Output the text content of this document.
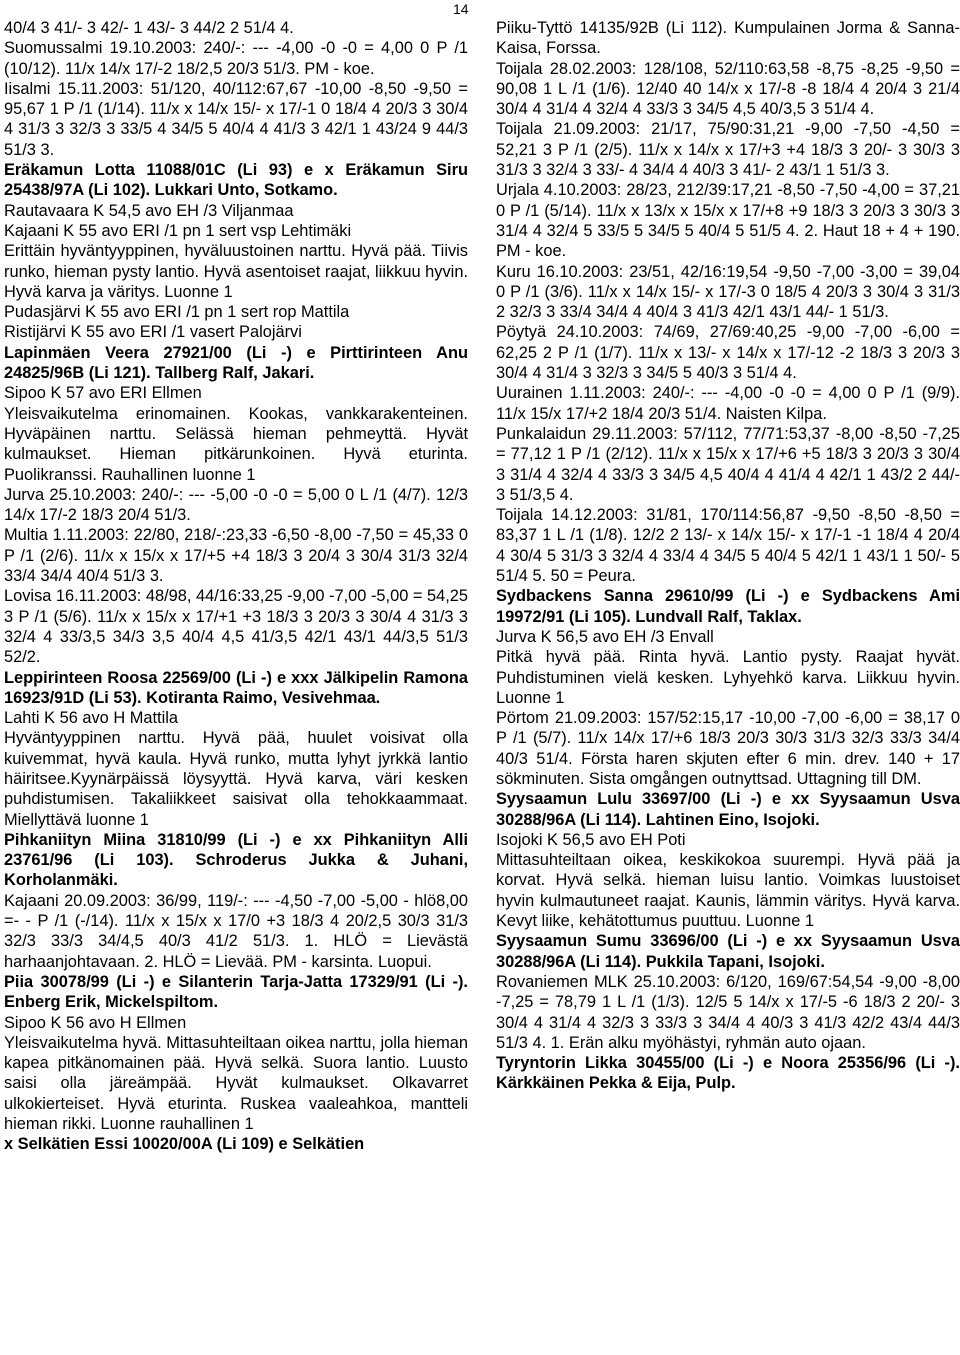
14

40/4 3 41/- 3 42/- 1 43/- 3 44/2 2 51/4 4.

Suomussalmi 19.10.2003: 240/-: --- -4,00 -0 -0 = 4,00 0 P /1 (10/12). 11/x 14/x 17/-2 18/2,5 20/3 51/3. PM - koe.

Iisalmi 15.11.2003: 51/120, 40/112:67,67 -10,00 -8,50 -9,50 = 95,67 1 P /1 (1/14). 11/x x 14/x 15/- x 17/-1 0 18/4 4 20/3 3 30/4 4 31/3 3 32/3 3 33/5 4 34/5 5 40/4 4 41/3 3 42/1 1 43/24 9 44/3 51/3 3.

Eräkamun Lotta 11088/01C (Li 93) e x Eräkamun Siru 25438/97A (Li 102). Lukkari Unto, Sotkamo.

Rautavaara K 54,5 avo EH /3 Viljanmaa

Kajaani K 55 avo ERI /1 pn 1 sert vsp Lehtimäki

Erittäin hyväntyyppinen, hyväluustoinen narttu. Hyvä pää. Tiivis runko, hieman pysty lantio. Hyvä asentoiset raajat, liikkuu hyvin. Hyvä karva ja väritys. Luonne 1

Pudasjärvi K 55 avo ERI /1 pn 1 sert rop Mattila

Ristijärvi K 55 avo ERI /1 vasert Palojärvi

Lapinmäen Veera 27921/00 (Li -) e Pirttirinteen Anu 24825/96B (Li 121). Tallberg Ralf, Jakari.

Sipoo K 57 avo ERI Ellmen

Yleisvaikutelma erinomainen. Kookas, vankkarakenteinen. Hyväpäinen narttu. Selässä hieman pehmeyttä. Hyvät kulmaukset. Hieman pitkärunkoinen. Hyvä eturinta. Puolikranssi. Rauhallinen luonne 1

Jurva 25.10.2003: 240/-: --- -5,00 -0 -0 = 5,00 0 L /1 (4/7). 12/3 14/x 17/-2 18/3 20/4 51/3.

Multia 1.11.2003: 22/80, 218/-:23,33 -6,50 -8,00 -7,50 = 45,33 0 P /1 (2/6). 11/x x 15/x x 17/+5 +4 18/3 3 20/4 3 30/4 31/3 32/4 33/4 34/4 40/4 51/3 3.

Lovisa 16.11.2003: 48/98, 44/16:33,25 -9,00 -7,00 -5,00 = 54,25 3 P /1 (5/6). 11/x x 15/x x 17/+1 +3 18/3 3 20/3 3 30/4 4 31/3 3 32/4 4 33/3,5 34/3 3,5 40/4 4,5 41/3,5 42/1 43/1 44/3,5 51/3 52/2.

Leppirinteen Roosa 22569/00 (Li -) e xxx Jälkipelin Ramona 16923/91D (Li 53). Kotiranta Raimo, Vesivehmaa.

Lahti K 56 avo H Mattila

Hyväntyyppinen narttu. Hyvä pää, huulet voisivat olla kuivemmat, hyvä kaula. Hyvä runko, mutta lyhyt jyrkkä lantio häiritsee.Kyynärpäissä löysyyttä. Hyvä karva, väri kesken puhdistumisen. Takaliikkeet saisivat olla tehokkaammaat. Miellyttävä luonne 1

Pihkaniityn Miina 31810/99 (Li -) e xx Pihkaniityn Alli 23761/96 (Li 103). Schroderus Jukka & Juhani, Korholanmäki.

Kajaani 20.09.2003: 36/99, 119/-: --- -4,50 -7,00 -5,00 - hlö8,00 =- - P /1 (-/14). 11/x x 15/x x 17/0 +3 18/3 4 20/2,5 30/3 31/3 32/3 33/3 34/4,5 40/3 41/2 51/3. 1. HLÖ = Lievästä harhaanjohtavaan. 2. HLÖ = Lievää. PM - karsinta. Luopui.

Piia 30078/99 (Li -) e Silanterin Tarja-Jatta 17329/91 (Li -). Enberg Erik, Mickelspiltom.

Sipoo K 56 avo H Ellmen

Yleisvaikutelma hyvä. Mittasuhteiltaan oikea narttu, jolla hieman kapea pitkänomainen pää. Hyvä selkä. Suora lantio. Luusto saisi olla järeämpää. Hyvät kulmaukset. Olkavarret ulkokierteiset. Hyvä eturinta. Ruskea vaaleahkoa, mantteli hieman rikki. Luonne rauhallinen 1

x Selkätien Essi 10020/00A (Li 109) e Selkätien

Piiku-Tyttö 14135/92B (Li 112). Kumpulainen Jorma & Sanna-Kaisa, Forssa.

Toijala 28.02.2003: 128/108, 52/110:63,58 -8,75 -8,25 -9,50 = 90,08 1 L /1 (1/6). 12/40 40 14/x x 17/-8 -8 18/4 4 20/4 3 21/4 30/4 4 31/4 4 32/4 4 33/3 3 34/5 4,5 40/3,5 3 51/4 4.

Toijala 21.09.2003: 21/17, 75/90:31,21 -9,00 -7,50 -4,50 = 52,21 3 P /1 (2/5). 11/x x 14/x x 17/+3 +4 18/3 3 20/- 3 30/3 3 31/3 3 32/4 3 33/- 4 34/4 4 40/3 3 41/- 2 43/1 1 51/3 3.

Urjala 4.10.2003: 28/23, 212/39:17,21 -8,50 -7,50 -4,00 = 37,21 0 P /1 (5/14). 11/x x 13/x x 15/x x 17/+8 +9 18/3 3 20/3 3 30/3 3 31/4 4 32/4 5 33/5 5 34/5 5 40/4 5 51/5 4. 2. Haut 18 + 4 + 190. PM - koe.

Kuru 16.10.2003: 23/51, 42/16:19,54 -9,50 -7,00 -3,00 = 39,04 0 P /1 (3/6). 11/x x 14/x 15/- x 17/-3 0 18/5 4 20/3 3 30/4 3 31/3 2 32/3 3 33/4 34/4 4 40/4 3 41/3 42/1 43/1 44/- 1 51/3.

Pöytyä 24.10.2003: 74/69, 27/69:40,25 -9,00 -7,00 -6,00 = 62,25 2 P /1 (1/7). 11/x x 13/- x 14/x x 17/-12 -2 18/3 3 20/3 3 30/4 4 31/4 3 32/3 3 34/5 5 40/3 3 51/4 4.

Uurainen 1.11.2003: 240/-: --- -4,00 -0 -0 = 4,00 0 P /1 (9/9). 11/x 15/x 17/+2 18/4 20/3 51/4. Naisten Kilpa.

Punkalaidun 29.11.2003: 57/112, 77/71:53,37 -8,00 -8,50 -7,25 = 77,12 1 P /1 (2/12). 11/x x 15/x x 17/+6 +5 18/3 3 20/3 3 30/4 3 31/4 4 32/4 4 33/3 3 34/5 4,5 40/4 4 41/4 4 42/1 1 43/2 2 44/- 3 51/3,5 4.

Toijala 14.12.2003: 31/81, 170/114:56,87 -9,50 -8,50 -8,50 = 83,37 1 L /1 (1/8). 12/2 2 13/- x 14/x 15/- x 17/-1 -1 18/4 4 20/4 4 30/4 5 31/3 3 32/4 4 33/4 4 34/5 5 40/4 5 42/1 1 43/1 1 50/- 5 51/4 5. 50 = Peura.

Sydbackens Sanna 29610/99 (Li -) e Sydbackens Ami 19972/91 (Li 105). Lundvall Ralf, Taklax.

Jurva K 56,5 avo EH /3 Envall

Pitkä hyvä pää. Rinta hyvä. Lantio pysty. Raajat hyvät. Puhdistuminen vielä kesken. Lyhyehkö karva. Liikkuu hyvin. Luonne 1

Pörtom 21.09.2003: 157/52:15,17 -10,00 -7,00 -6,00 = 38,17 0 P /1 (5/7). 11/x 14/x 17/+6 18/3 20/3 30/3 31/3 32/3 33/3 34/4 40/3 51/4. Första haren skjuten efter 6 min. drev. 140 + 17 sökminuten. Sista omgången outnyttsad. Uttagning till DM.

Syysaamun Lulu 33697/00 (Li -) e xx Syysaamun Usva 30288/96A (Li 114). Lahtinen Eino, Isojoki.

Isojoki K 56,5 avo EH Poti

Mittasuhteiltaan oikea, keskikokoa suurempi. Hyvä pää ja korvat. Hyvä selkä. hieman luisu lantio. Voimkas luustoiset hyvin kulmautuneet raajat. Kaunis, lämmin väritys. Hyvä karva. Kevyt liike, kehätottumus puuttuu. Luonne 1

Syysaamun Sumu 33696/00 (Li -) e xx Syysaamun Usva 30288/96A (Li 114). Pukkila Tapani, Isojoki.

Rovaniemen MLK 25.10.2003: 6/120, 169/67:54,54 -9,00 -8,00 -7,25 = 78,79 1 L /1 (1/3). 12/5 5 14/x x 17/-5 -6 18/3 2 20/- 3 30/4 4 31/4 4 32/3 3 33/3 3 34/4 4 40/3 3 41/3 42/2 43/4 44/3 51/3 4. 1. Erän alku myöhästyi, ryhmän auto ojaan.

Tyryntorin Likka 30455/00 (Li -) e Noora 25356/96 (Li -). Kärkkäinen Pekka & Eija, Pulp.
